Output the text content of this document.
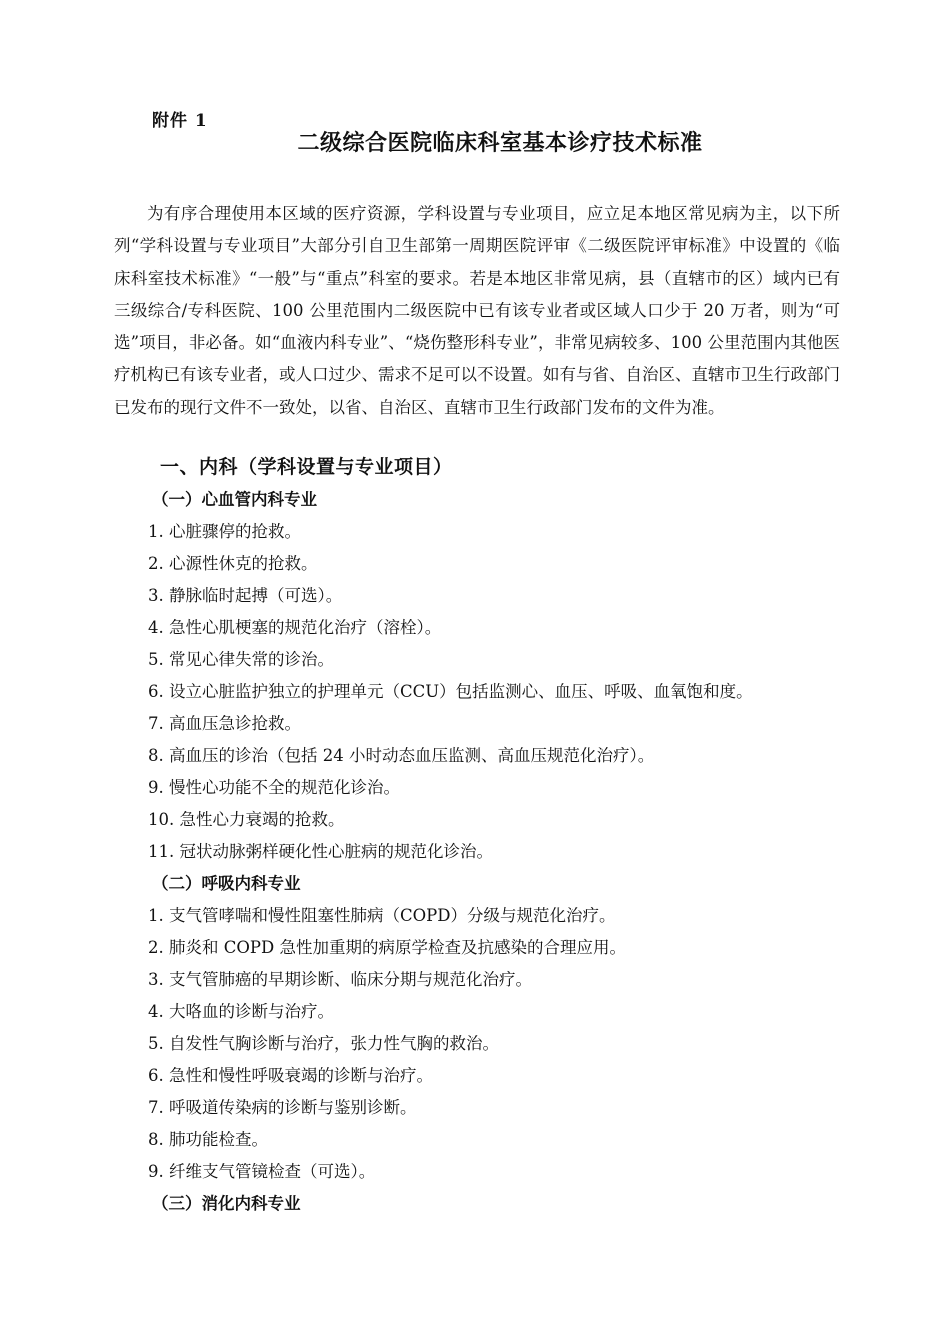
附件 1
二级综合医院临床科室基本诊疗技术标准

为有序合理使用本区域的医疗资源，学科设置与专业项目，应立足本地区常见病为主，以下所列“学科设置与专业项目”大部分引自卫生部第一周期医院评审《二级医院评审标准》中设置的《临床科室技术标准》“一般”与“重点”科室的要求。若是本地区非常见病，县（直辖市的区）域内已有三级综合/专科医院、100 公里范围内二级医院中已有该专业者或区域人口少于 20 万者，则为“可选”项目，非必备。如“血液内科专业”、“烧伤整形科专业”，非常见病较多、100 公里范围内其他医疗机构已有该专业者，或人口过少、需求不足可以不设置。如有与省、自治区、直辖市卫生行政部门已发布的现行文件不一致处，以省、自治区、直辖市卫生行政部门发布的文件为准。

一、内科（学科设置与专业项目）
（一）心血管内科专业
1. 心脏骤停的抢救。
2. 心源性休克的抢救。
3. 静脉临时起搏（可选）。
4. 急性心肌梗塞的规范化治疗（溶栓）。
5. 常见心律失常的诊治。
6. 设立心脏监护独立的护理单元（CCU）包括监测心、血压、呼吸、血氧饱和度。
7. 高血压急诊抢救。
8. 高血压的诊治（包括 24 小时动态血压监测、高血压规范化治疗）。
9. 慢性心功能不全的规范化诊治。
10. 急性心力衰竭的抢救。
11. 冠状动脉粥样硬化性心脏病的规范化诊治。
（二）呼吸内科专业
1. 支气管哮喘和慢性阻塞性肺病（COPD）分级与规范化治疗。
2. 肺炎和 COPD 急性加重期的病原学检查及抗感染的合理应用。
3. 支气管肺癌的早期诊断、临床分期与规范化治疗。
4. 大咯血的诊断与治疗。
5. 自发性气胸诊断与治疗，张力性气胸的救治。
6. 急性和慢性呼吸衰竭的诊断与治疗。
7. 呼吸道传染病的诊断与鉴别诊断。
8. 肺功能检查。
9. 纤维支气管镜检查（可选）。
（三）消化内科专业
